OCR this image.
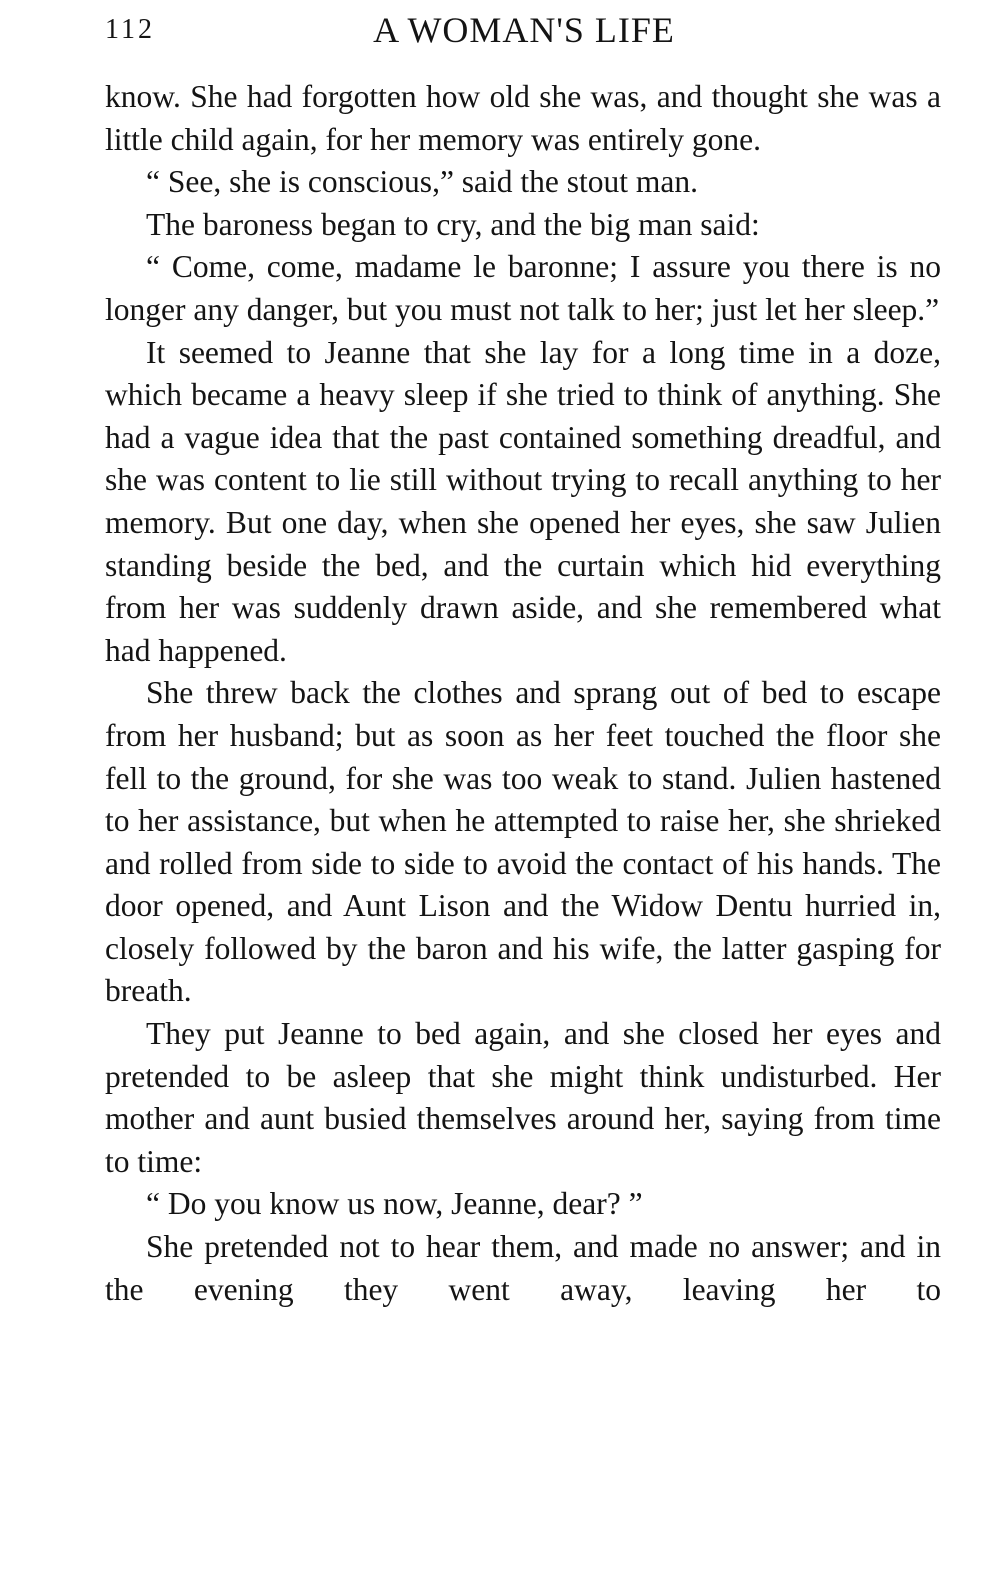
112	A WOMAN'S LIFE

know. She had forgotten how old she was, and thought she was a little child again, for her memory was entirely gone.

“ See, she is conscious,” said the stout man.

The baroness began to cry, and the big man said:

“ Come, come, madame le baronne; I assure you there is no longer any danger, but you must not talk to her; just let her sleep.”

It seemed to Jeanne that she lay for a long time in a doze, which became a heavy sleep if she tried to think of anything. She had a vague idea that the past contained something dreadful, and she was content to lie still without trying to recall anything to her memory. But one day, when she opened her eyes, she saw Julien standing beside the bed, and the curtain which hid everything from her was suddenly drawn aside, and she remembered what had happened.

She threw back the clothes and sprang out of bed to escape from her husband; but as soon as her feet touched the floor she fell to the ground, for she was too weak to stand. Julien hastened to her assistance, but when he attempted to raise her, she shrieked and rolled from side to side to avoid the contact of his hands. The door opened, and Aunt Lison and the Widow Dentu hurried in, closely followed by the baron and his wife, the latter gasping for breath.

They put Jeanne to bed again, and she closed her eyes and pretended to be asleep that she might think undisturbed. Her mother and aunt busied themselves around her, saying from time to time:

“ Do you know us now, Jeanne, dear? ”

She pretended not to hear them, and made no answer; and in the evening they went away, leaving her to
